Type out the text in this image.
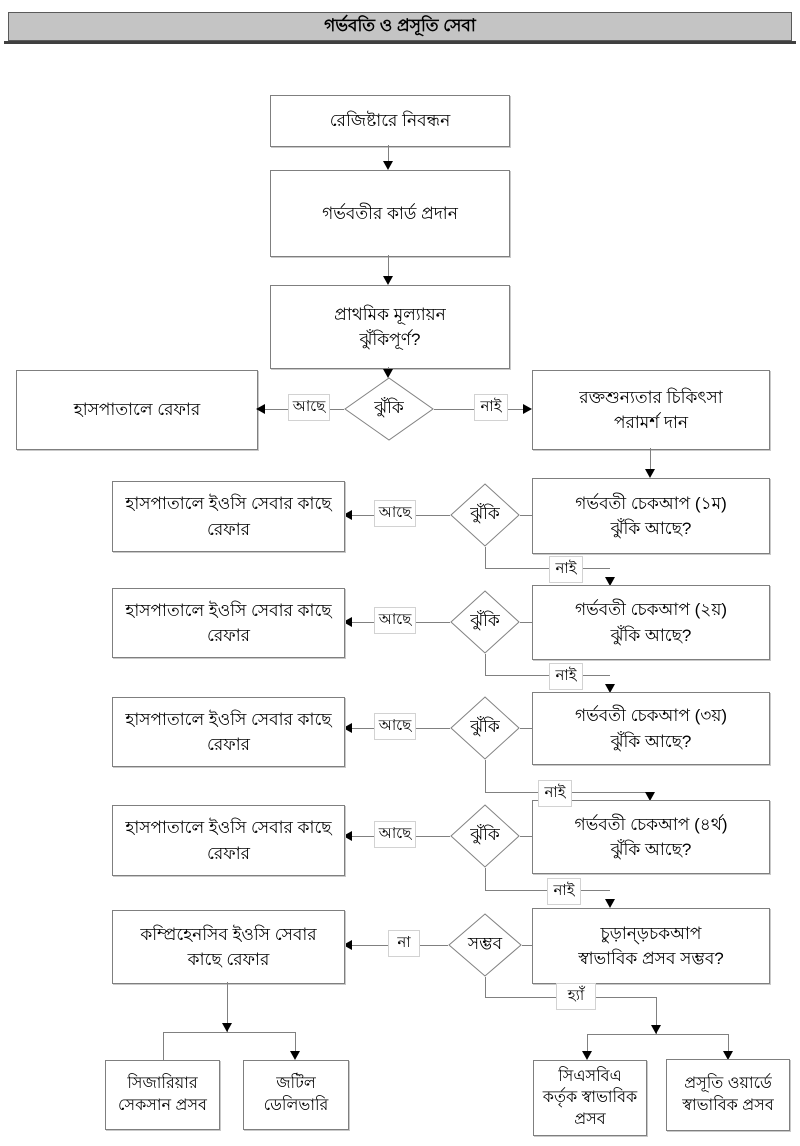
গর্ভবতি ও প্রসূতি সেবা
রেজিষ্টারে নিবন্ধন
গর্ভবতীর কার্ড প্রদান
প্রাথমিক মূল্যায়ন
ঝুঁকিপূর্ণ?
ঝুঁকি
হাসপাতালে রেফার	আছে	রক্তশুন্যতার চিকিৎসা
পরামর্শ দান
নাই
গর্ভবতী চেকআপ (১ম)
ঝুঁকি আছে?
ঝুঁকি
আছে
হাসপাতালে ইওসি সেবার কাছে
রেফার
নাই
গর্ভবতী চেকআপ (২য়)
ঝুঁকি আছে?
ঝুঁকি
আছে
হাসপাতালে ইওসি সেবার কাছে
রেফার
নাই
গর্ভবতী চেকআপ (৩য়)
ঝুঁকি আছে?
ঝুঁকি
আছে
হাসপাতালে ইওসি সেবার কাছে
রেফার
নাই
গর্ভবতী চেকআপ (৪র্থ)
ঝুঁকি আছে?
ঝুঁকি
আছে
হাসপাতালে ইওসি সেবার কাছে
রেফার
নাই
চুড়ান্ড়চকআপ
স্বাভাবিক প্রসব সম্ভব?
সম্ভব
না
কম্প্রিহেনসিব ইওসি সেবার
কাছে রেফার
হ্যাঁ
সিজারিয়ার
সেকসান প্রসব
জটিল
ডেলিভারি
সিএসবিএ
কর্তৃক স্বাভাবিক
প্রসব
প্রসূতি ওয়ার্ডে
স্বাভাবিক প্রসব
